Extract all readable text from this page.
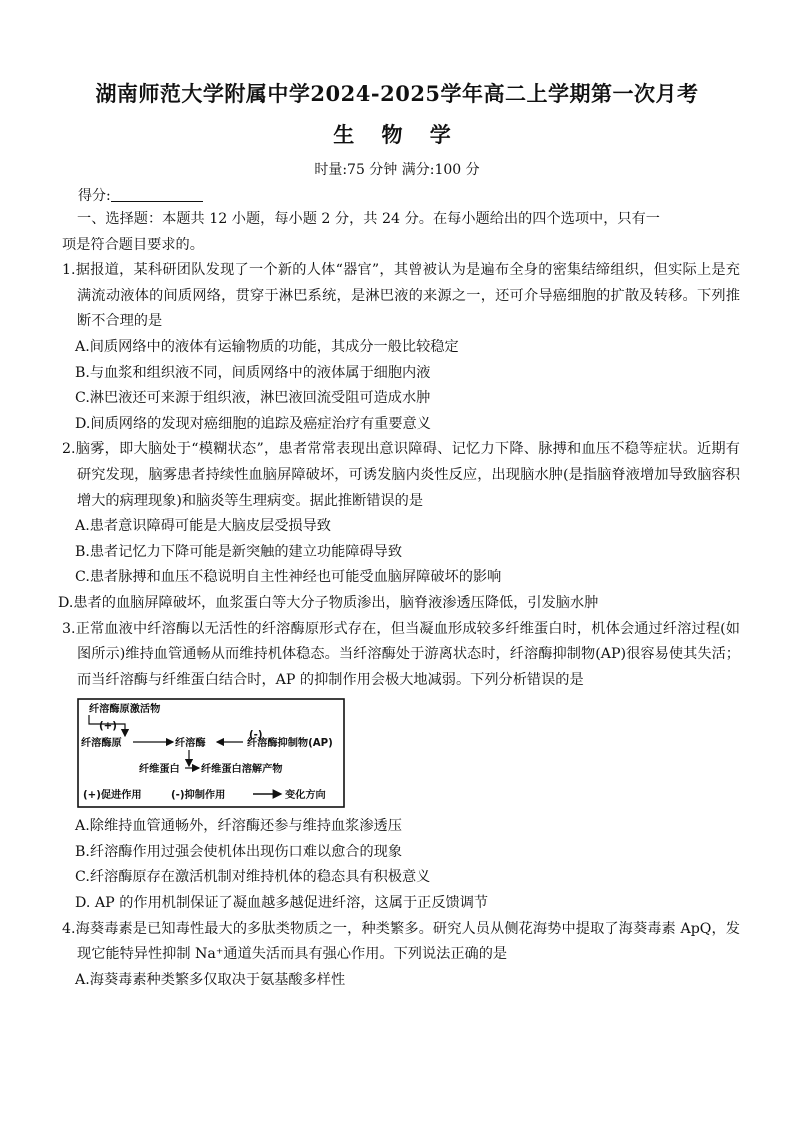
湖南师范大学附属中学2024-2025学年高二上学期第一次月考
生 物 学
时量:75 分钟 满分:100 分
得分:

一、选择题：本题共 12 小题，每小题 2 分，共 24 分。在每小题给出的四个选项中，只有一

项是符合题目要求的。

1.据报道，某科研团队发现了一个新的人体“器官”，其曾被认为是遍布全身的密集结缔组织，但实际上是充满流动液体的间质网络，贯穿于淋巴系统，是淋巴液的来源之一，还可介导癌细胞的扩散及转移。下列推断不合理的是

A.间质网络中的液体有运输物质的功能，其成分一般比较稳定

B.与血浆和组织液不同，间质网络中的液体属于细胞内液

C.淋巴液还可来源于组织液，淋巴液回流受阻可造成水肿

D.间质网络的发现对癌细胞的追踪及癌症治疗有重要意义

2.脑雾，即大脑处于“模糊状态”，患者常常表现出意识障碍、记忆力下降、脉搏和血压不稳等症状。近期有研究发现，脑雾患者持续性血脑屏障破坏，可诱发脑内炎性反应，出现脑水肿(是指脑脊液增加导致脑容积增大的病理现象)和脑炎等生理病变。据此推断错误的是

A.患者意识障碍可能是大脑皮层受损导致

B.患者记忆力下降可能是新突触的建立功能障碍导致

C.患者脉搏和血压不稳说明自主性神经也可能受血脑屏障破坏的影响

D.患者的血脑屏障破坏，血浆蛋白等大分子物质渗出，脑脊液渗透压降低，引发脑水肿

3.正常血液中纤溶酶以无活性的纤溶酶原形式存在，但当凝血形成较多纤维蛋白时，机体会通过纤溶过程(如图所示)维持血管通畅从而维持机体稳态。当纤溶酶处于游离状态时，纤溶酶抑制物(AP)很容易使其失活；而当纤溶酶与纤维蛋白结合时，AP 的抑制作用会极大地减弱。下列分析错误的是

纤溶酶原激活物
(+)
纤溶酶原	纤溶酶
(-)
纤溶酶抑制物(AP)
纤维蛋白 纤维蛋白溶解产物
(+)促进作用	(-)抑制作用	变化方向

A.除维持血管通畅外，纤溶酶还参与维持血浆渗透压

B.纤溶酶作用过强会使机体出现伤口难以愈合的现象

C.纤溶酶原存在激活机制对维持机体的稳态具有积极意义

D. AP 的作用机制保证了凝血越多越促进纤溶，这属于正反馈调节

4.海葵毒素是已知毒性最大的多肽类物质之一，种类繁多。研究人员从侧花海势中提取了海葵毒素 ApQ，发现它能特异性抑制 Na⁺通道失活而具有强心作用。下列说法正确的是

A.海葵毒素种类繁多仅取决于氨基酸多样性
